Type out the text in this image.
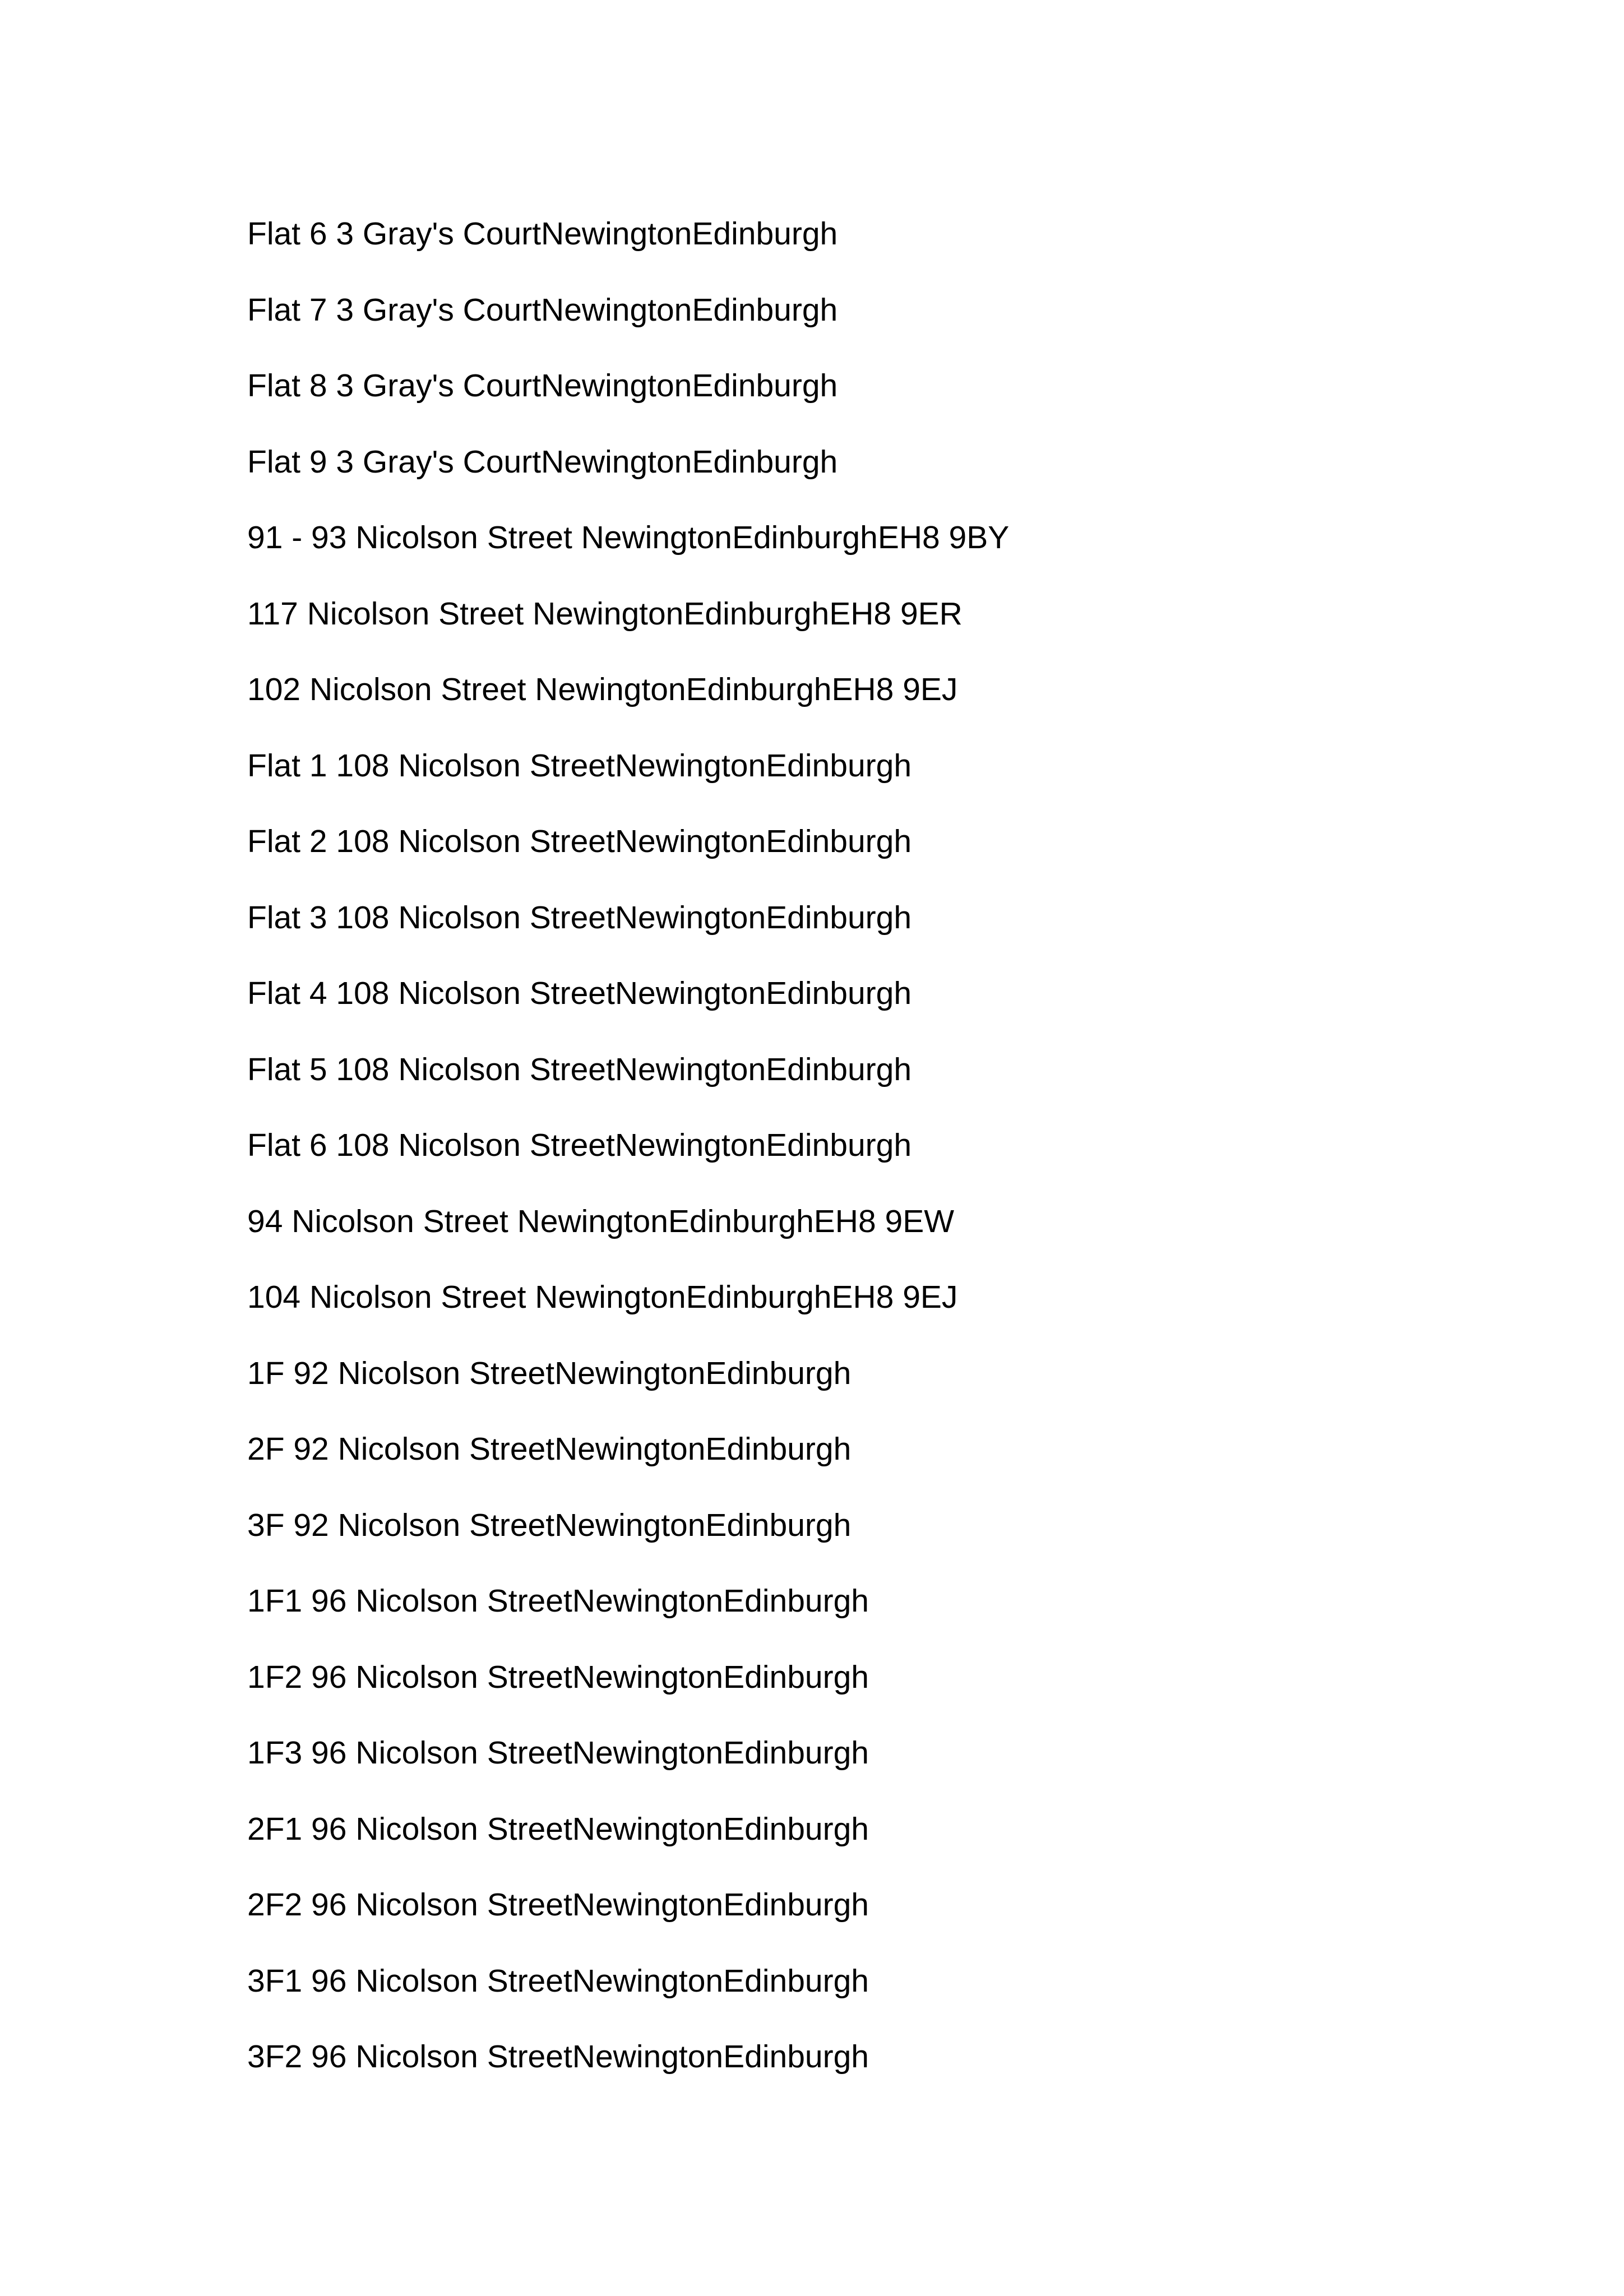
Flat 6 3 Gray's CourtNewingtonEdinburgh
Flat 7 3 Gray's CourtNewingtonEdinburgh
Flat 8 3 Gray's CourtNewingtonEdinburgh
Flat 9 3 Gray's CourtNewingtonEdinburgh
91 - 93 Nicolson Street NewingtonEdinburghEH8 9BY
117 Nicolson Street NewingtonEdinburghEH8 9ER
102 Nicolson Street NewingtonEdinburghEH8 9EJ
Flat 1 108 Nicolson StreetNewingtonEdinburgh
Flat 2 108 Nicolson StreetNewingtonEdinburgh
Flat 3 108 Nicolson StreetNewingtonEdinburgh
Flat 4 108 Nicolson StreetNewingtonEdinburgh
Flat 5 108 Nicolson StreetNewingtonEdinburgh
Flat 6 108 Nicolson StreetNewingtonEdinburgh
94 Nicolson Street NewingtonEdinburghEH8 9EW
104 Nicolson Street NewingtonEdinburghEH8 9EJ
1F 92 Nicolson StreetNewingtonEdinburgh
2F 92 Nicolson StreetNewingtonEdinburgh
3F 92 Nicolson StreetNewingtonEdinburgh
1F1 96 Nicolson StreetNewingtonEdinburgh
1F2 96 Nicolson StreetNewingtonEdinburgh
1F3 96 Nicolson StreetNewingtonEdinburgh
2F1 96 Nicolson StreetNewingtonEdinburgh
2F2 96 Nicolson StreetNewingtonEdinburgh
3F1 96 Nicolson StreetNewingtonEdinburgh
3F2 96 Nicolson StreetNewingtonEdinburgh
